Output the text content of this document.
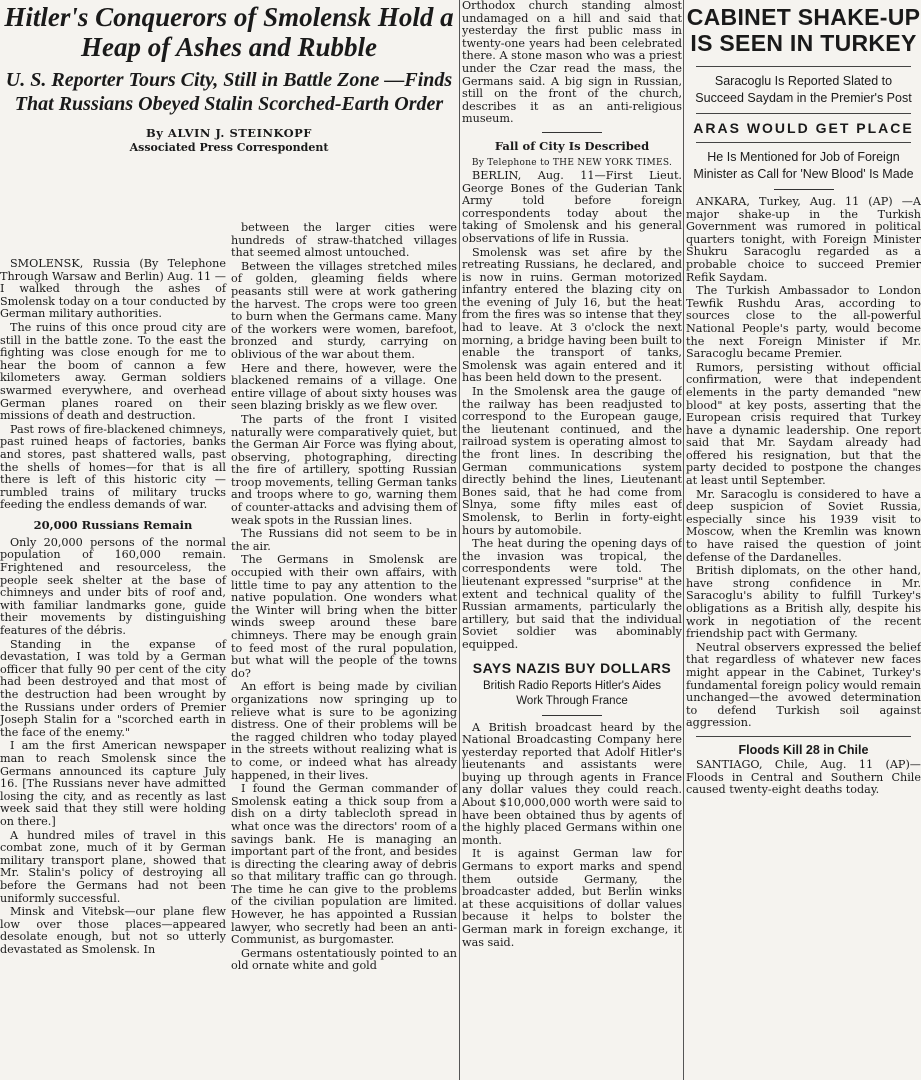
Hitler's Conquerors of Smolensk Hold a Heap of Ashes and Rubble
U. S. Reporter Tours City, Still in Battle Zone —Finds That Russians Obeyed Stalin Scorched-Earth Order
By ALVIN J. STEINKOPF
Associated Press Correspondent

SMOLENSK, Russia (By Telephone Through Warsaw and Berlin) Aug. 11 — I walked through the ashes of Smolensk today on a tour conducted by German military authorities.

The ruins of this once proud city are still in the battle zone. To the east the fighting was close enough for me to hear the boom of cannon a few kilometers away. German soldiers swarmed everywhere, and overhead German planes roared on their missions of death and destruction.

Past rows of fire-blackened chimneys, past ruined heaps of factories, banks and stores, past shattered walls, past the shells of homes—for that is all there is left of this historic city — rumbled trains of military trucks feeding the endless demands of war.

20,000 Russians Remain

Only 20,000 persons of the normal population of 160,000 remain. Frightened and resourceless, the people seek shelter at the base of chimneys and under bits of roof and, with familiar landmarks gone, guide their movements by distinguishing features of the débris.

Standing in the expanse of devastation, I was told by a German officer that fully 90 per cent of the city had been destroyed and that most of the destruction had been wrought by the Russians under orders of Premier Joseph Stalin for a "scorched earth in the face of the enemy."

I am the first American newspaper man to reach Smolensk since the Germans announced its capture July 16. [The Russians never have admitted losing the city, and as recently as last week said that they still were holding on there.]

A hundred miles of travel in this combat zone, much of it by German military transport plane, showed that Mr. Stalin's policy of destroying all before the Germans had not been uniformly successful.

Minsk and Vitebsk—our plane flew low over those places—appeared desolate enough, but not so utterly devastated as Smolensk. In

between the larger cities were hundreds of straw-thatched villages that seemed almost untouched.

Between the villages stretched miles of golden, gleaming fields where peasants still were at work gathering the harvest. The crops were too green to burn when the Germans came. Many of the workers were women, barefoot, bronzed and sturdy, carrying on oblivious of the war about them.

Here and there, however, were the blackened remains of a village. One entire village of about sixty houses was seen blazing briskly as we flew over.

The parts of the front I visited naturally were comparatively quiet, but the German Air Force was flying about, observing, photographing, directing the fire of artillery, spotting Russian troop movements, telling German tanks and troops where to go, warning them of counter-attacks and advising them of weak spots in the Russian lines.

The Russians did not seem to be in the air.

The Germans in Smolensk are occupied with their own affairs, with little time to pay any attention to the native population. One wonders what the Winter will bring when the bitter winds sweep around these bare chimneys. There may be enough grain to feed most of the rural population, but what will the people of the towns do?

An effort is being made by civilian organizations now springing up to relieve what is sure to be agonizing distress. One of their problems will be the ragged children who today played in the streets without realizing what is to come, or indeed what has already happened, in their lives.

I found the German commander of Smolensk eating a thick soup from a dish on a dirty tablecloth spread in what once was the directors' room of a savings bank. He is managing an important part of the front, and besides is directing the clearing away of debris so that military traffic can go through. The time he can give to the problems of the civilian population are limited. However, he has appointed a Russian lawyer, who secretly had been an anti-Communist, as burgomaster.

Germans ostentatiously pointed to an old ornate white and gold

Orthodox church standing almost undamaged on a hill and said that yesterday the first public mass in twenty-one years had been celebrated there. A stone mason who was a priest under the Czar read the mass, the Germans said. A big sign in Russian, still on the front of the church, describes it as an anti-religious museum.

Fall of City Is Described
By Telephone to THE NEW YORK TIMES.

BERLIN, Aug. 11—First Lieut. George Bones of the Guderian Tank Army told before foreign correspondents today about the taking of Smolensk and his general observations of life in Russia.

Smolensk was set afire by the retreating Russians, he declared, and is now in ruins. German motorized infantry entered the blazing city on the evening of July 16, but the heat from the fires was so intense that they had to leave. At 3 o'clock the next morning, a bridge having been built to enable the transport of tanks, Smolensk was again entered and it has been held down to the present.

In the Smolensk area the gauge of the railway has been readjusted to correspond to the European gauge, the lieutenant continued, and the railroad system is operating almost to the front lines. In describing the German communications system directly behind the lines, Lieutenant Bones said, that he had come from Slnya, some fifty miles east of Smolensk, to Berlin in forty-eight hours by automobile.

The heat during the opening days of the invasion was tropical, the correspondents were told. The lieutenant expressed "surprise" at the extent and technical quality of the Russian armaments, particularly the artillery, but said that the individual Soviet soldier was abominably equipped.

SAYS NAZIS BUY DOLLARS
British Radio Reports Hitler's Aides Work Through France

A British broadcast heard by the National Broadcasting Company here yesterday reported that Adolf Hitler's lieutenants and assistants were buying up through agents in France any dollar values they could reach. About $10,000,000 worth were said to have been obtained thus by agents of the highly placed Germans within one month.

It is against German law for Germans to export marks and spend them outside Germany, the broadcaster added, but Berlin winks at these acquisitions of dollar values because it helps to bolster the German mark in foreign exchange, it was said.

CABINET SHAKE-UP IS SEEN IN TURKEY
Saracoglu Is Reported Slated to Succeed Saydam in the Premier's Post
ARAS WOULD GET PLACE
He Is Mentioned for Job of Foreign Minister as Call for 'New Blood' Is Made

ANKARA, Turkey, Aug. 11 (AP) —A major shake-up in the Turkish Government was rumored in political quarters tonight, with Foreign Minister Shukru Saracoglu regarded as a probable choice to succeed Premier Refik Saydam.

The Turkish Ambassador to London Tewfik Rushdu Aras, according to sources close to the all-powerful National People's party, would become the next Foreign Minister if Mr. Saracoglu became Premier.

Rumors, persisting without official confirmation, were that independent elements in the party demanded "new blood" at key posts, asserting that the European crisis required that Turkey have a dynamic leadership. One report said that Mr. Saydam already had offered his resignation, but that the party decided to postpone the changes at least until September.

Mr. Saracoglu is considered to have a deep suspicion of Soviet Russia, especially since his 1939 visit to Moscow, when the Kremlin was known to have raised the question of joint defense of the Dardanelles.

British diplomats, on the other hand, have strong confidence in Mr. Saracoglu's ability to fulfill Turkey's obligations as a British ally, despite his work in negotiation of the recent friendship pact with Germany.

Neutral observers expressed the belief that regardless of whatever new faces might appear in the Cabinet, Turkey's fundamental foreign policy would remain unchanged—the avowed determination to defend Turkish soil against aggression.

Floods Kill 28 in Chile

SANTIAGO, Chile, Aug. 11 (AP)— Floods in Central and Southern Chile caused twenty-eight deaths today.
